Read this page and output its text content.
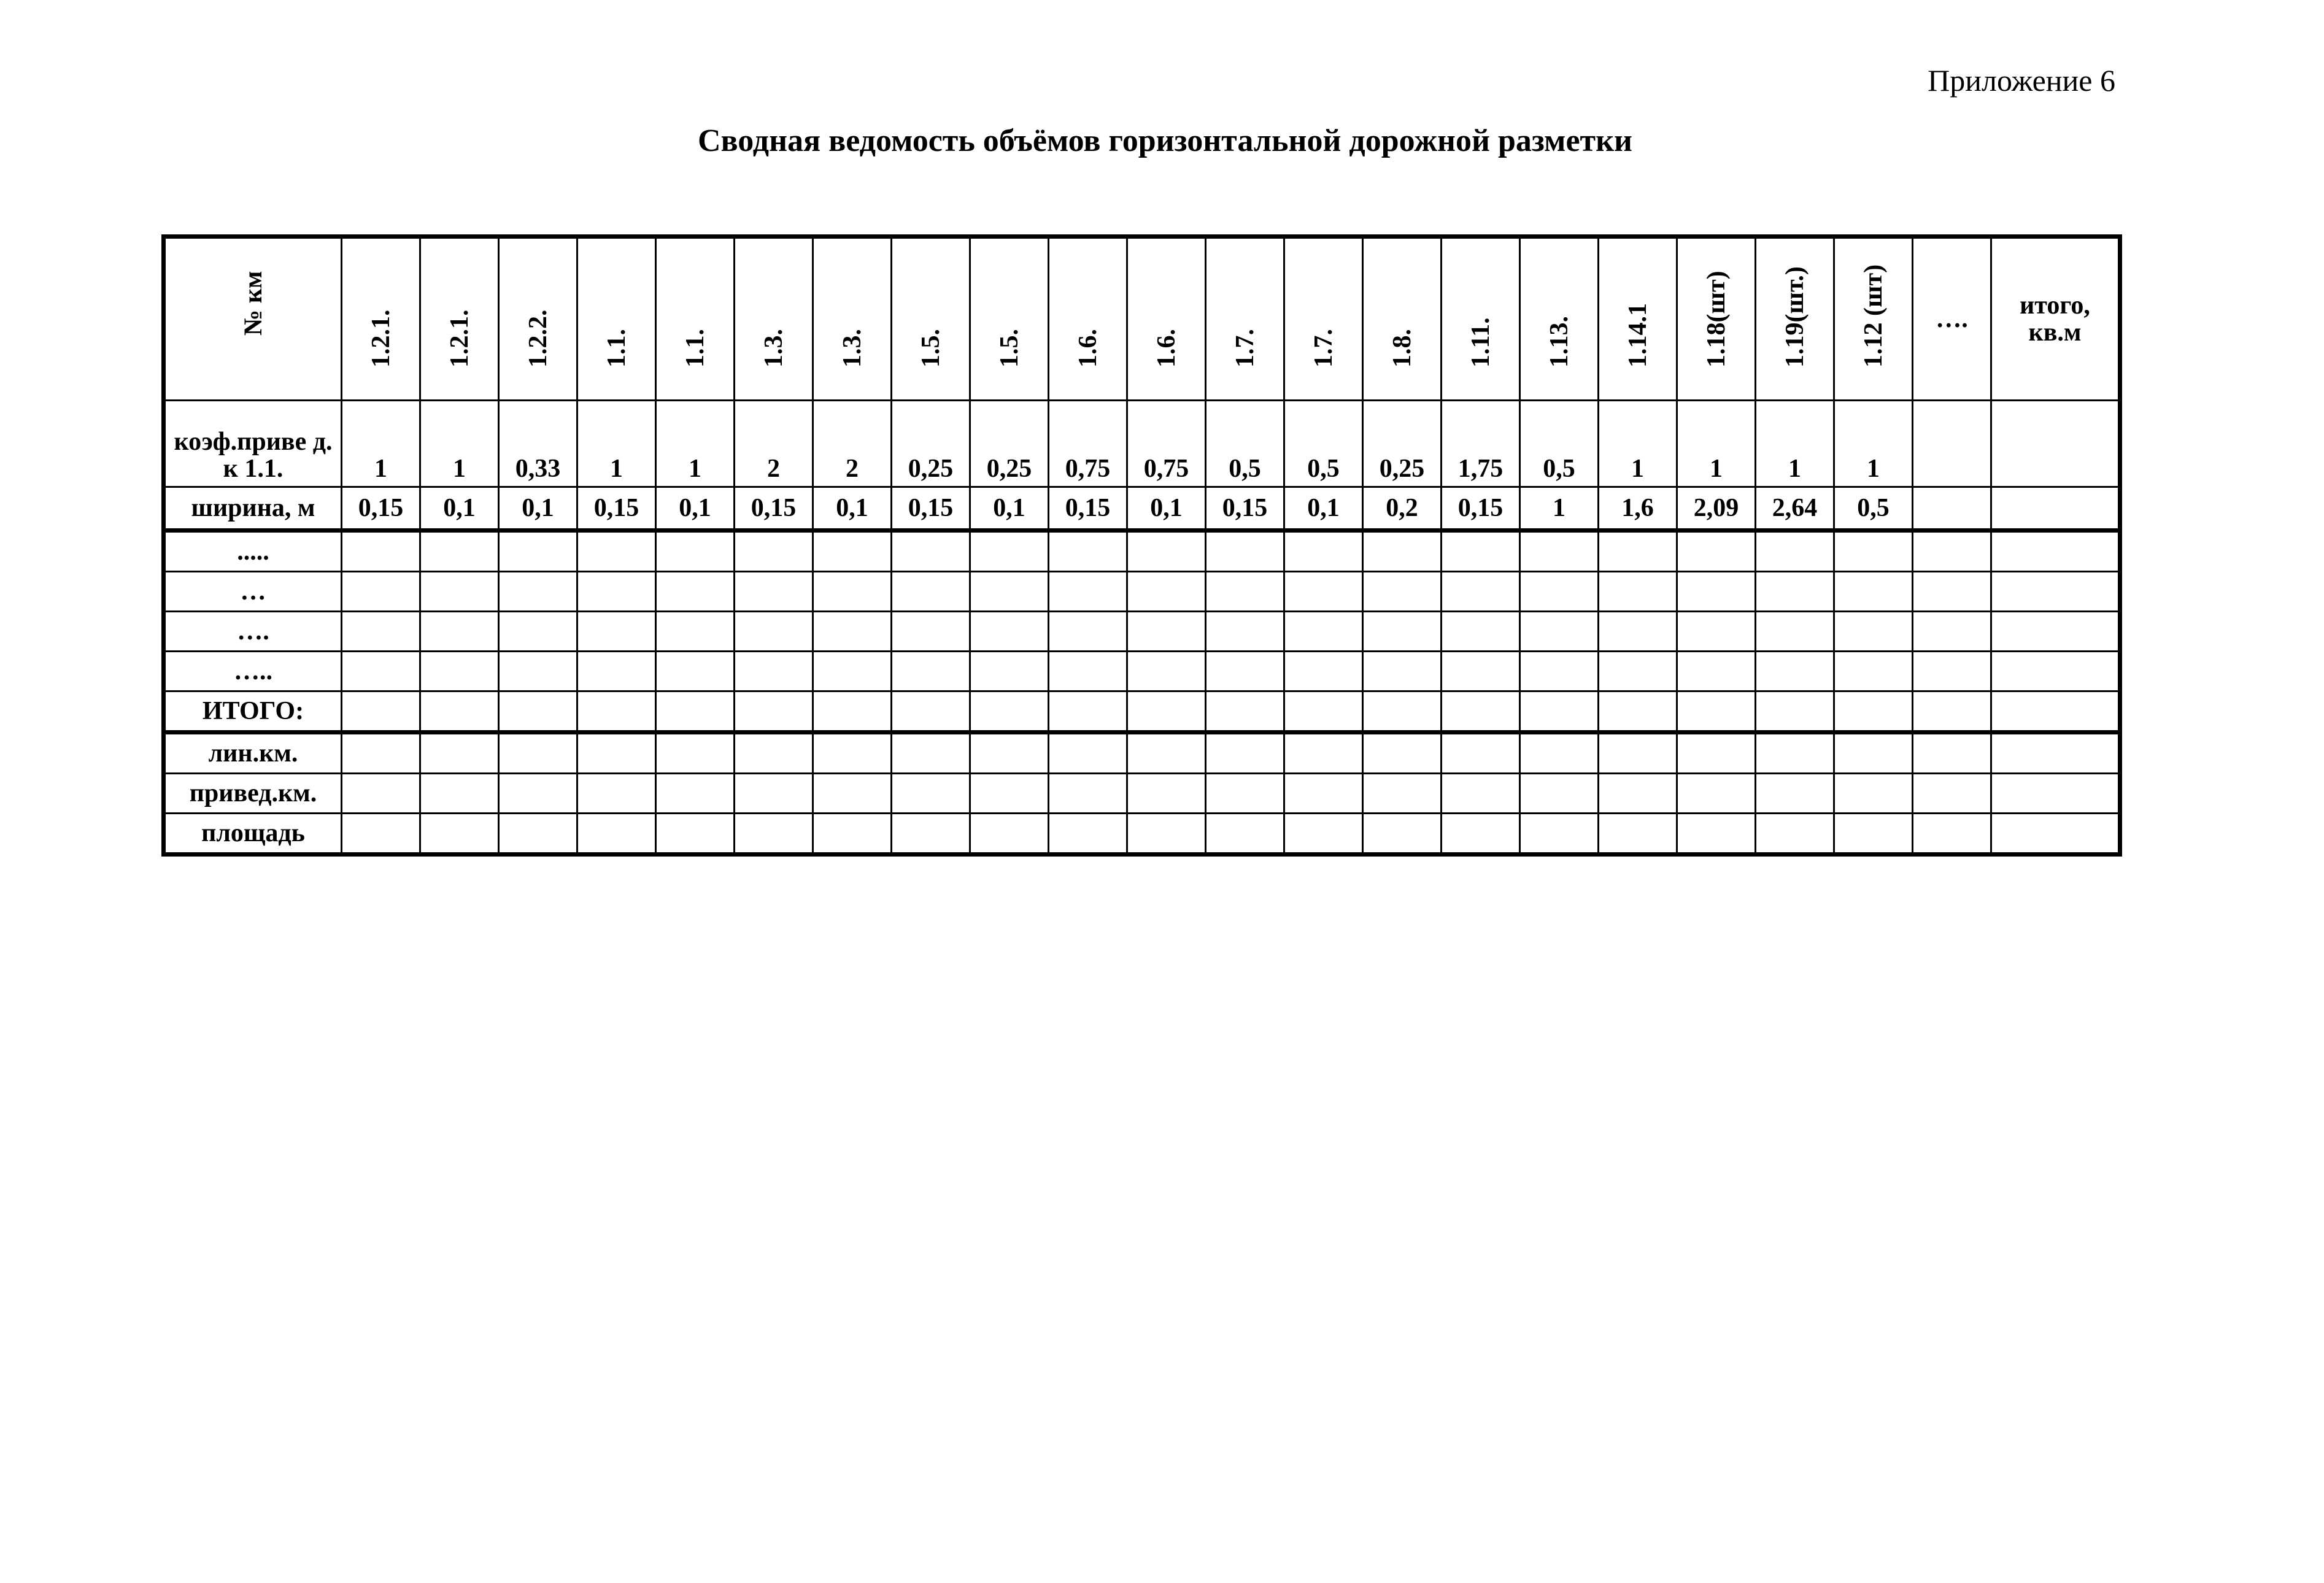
Приложение 6
Сводная ведомость объёмов горизонтальной дорожной разметки
№ км	1.2.1.	1.2.1.	1.2.2.	1.1.	1.1.	1.3.	1.3.	1.5.	1.5.	1.6.	1.6.	1.7.	1.7.	1.8.	1.11.	1.13.	1.14.1	1.18(шт)	1.19(шт.)	1.12 (шт)	….	итого, кв.м
коэф.приве д. к 1.1.	1	1	0,33	1	1	2	2	0,25	0,25	0,75	0,75	0,5	0,5	0,25	1,75	0,5	1	1	1	1		
ширина, м	0,15	0,1	0,1	0,15	0,1	0,15	0,1	0,15	0,1	0,15	0,1	0,15	0,1	0,2	0,15	1	1,6	2,09	2,64	0,5		
.....																						
…																						
….																						
…..																						
ИТОГО:																						
лин.км.																						
привед.км.																						
площадь																						
